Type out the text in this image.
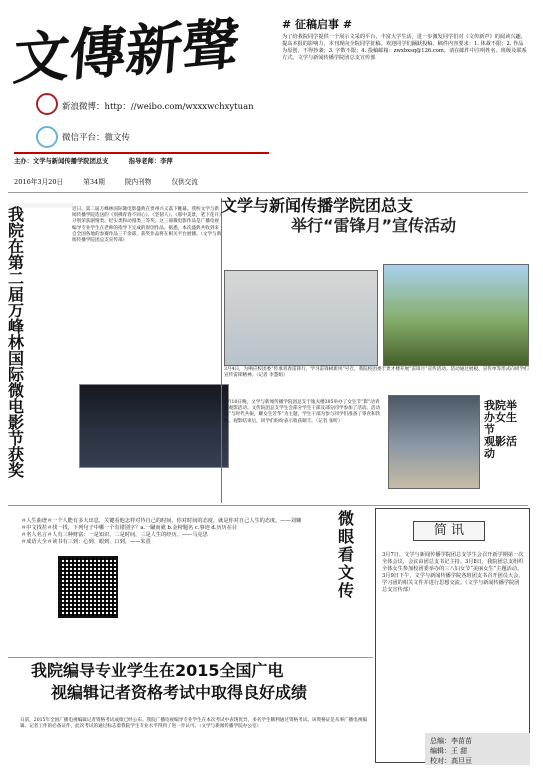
文傳新聲
新浪微博：http：//weibo.com/wxxxwchxytuan
微信平台：微文传
主办：文学与新闻传播学院团总支	指导老师：李萍
2016年3月20日	第34期	院内刊物	仅供交流
# 征稿启事 #
为了给我院同学提供一个展示文采的平台，丰富大学生活，进一步激发同学们对《文传新声》的阅读兴趣，提高本报的影响力，本刊现向全院同学征稿。欢迎同学们踊跃投稿，稿件内容要求：1. 体裁不限；2. 作品为原创，不得抄袭；3. 字数不限；4. 投稿邮箱：zwxbxsq@126.com。请在邮件中注明姓名、班级及联系方式。文学与新闻传播学院团总支宣传部
我
院
在
第
二
届
万
峰
林
国
际
微
电
影
节
获
奖
近日，第二届万峰林国际微电影盛典在贵州兴义落下帷幕。我校文学与新闻传播学院选送的《别拂青春不同心》、《坚韧人》、《那中美景，笔下花开》分别荣获剧情类、纪实类和动漫类三等奖。这三部微电影作品是广播电视编导专业学生在老师的指导下完成的原创作品。据悉，本次盛典共收到来自全国各地的参赛作品三千余部，获奖作品将在相关平台展播。（文学与新闻传播学院团总支宣传部）
文学与新闻传播学院团总支
举行“雷锋月”宣传活动
3月4日，为响应校团委“传承青春雷锋行，学习雷锋树新风”号召，我院校团委于贵才楼开展“雷锋月”宣传活动。活动通过展板、宣传单等形式向同学们宣传雷锋精神。（记者 李慧娟）
3月10日晚，文学与新闻传播学院团总支于逸夫楼305举办了女生节“影”动青春观影活动。文传院团总支学生会部分学生干部及部分同学参加了活动。活动以“与时代共振，耀女生芳华”为主题，学生干部为参与同学们准备了零食和饮料。观影结束后，同学们纷纷表示收获颇丰。（记者 张昕）
我院举办女生节
观影活动
＃人生曲谱＃一个人能有多大出息，关键看他怎样对待自己的时间。你对时间的态度，就是你对自己人生的态度。——刘墉
＃中文找茬＃找一找，下列句子中哪一个有错别字？a.一蹴而就 b.金榜题名 c.事迹 d.历历在目
＃名人名言＃人有三种财富：一是知识，二是时间，三是人生的经历。——马克思
＃成语大全＃读书有三到：心到、眼到、口到。——朱熹
微
眼
看
文
传
简 讯
3月7日，文学与新闻传播学院团总支学生会召开新学期第一次全体会议，会议由团总支书记主持。3月8日，我院团总支组织全体女生参加校团委举办的三八妇女节“美丽女生”主题活动。3月9日下午，文学与新闻传播学院各班团支书召开团员大会，学习团的相关文件并进行思想交流。（文学与新闻传播学院团总支宣传部）
我院编导专业学生在2015全国广电
视编辑记者资格考试中取得良好成绩
日前，2015年全国广播电视编辑记者资格考试成绩已经公布。我院广播电视编导专业学生在本次考试中表现优异，多名学生顺利通过资格考试。该资格证是从事广播电视编辑、记者工作的必备证件，此次考试的通过标志着我院学生专业水平得到了进一步认可。（文学与新闻传播学院办公室）
总编：李苗苗
编辑：王 甜
校对：高旦亘
